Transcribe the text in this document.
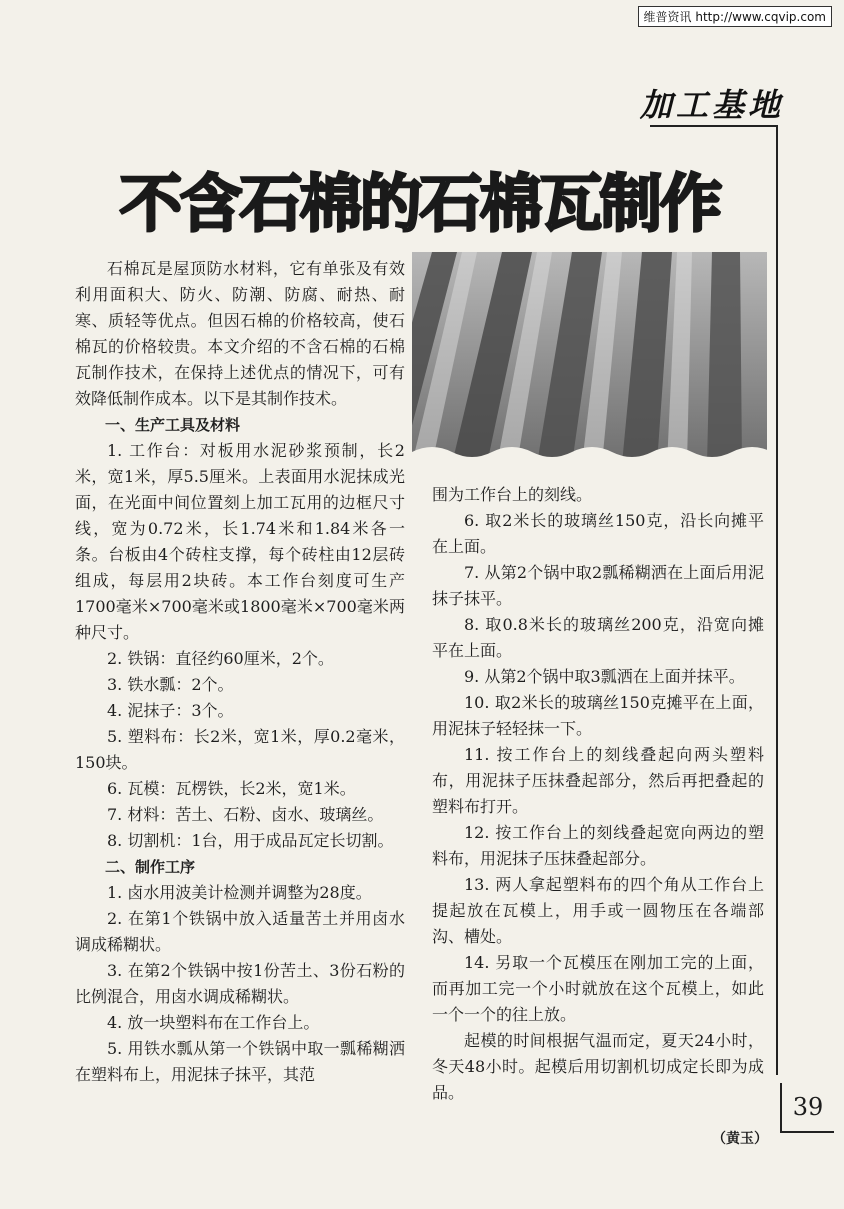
维普资讯 http://www.cqvip.com
加工基地
不含石棉的石棉瓦制作

石棉瓦是屋顶防水材料，它有单张及有效利用面积大、防火、防潮、防腐、耐热、耐寒、质轻等优点。但因石棉的价格较高，使石棉瓦的价格较贵。本文介绍的不含石棉的石棉瓦制作技术，在保持上述优点的情况下，可有效降低制作成本。以下是其制作技术。

一、生产工具及材料

1. 工作台：对板用水泥砂浆预制，长2米，宽1米，厚5.5厘米。上表面用水泥抹成光面，在光面中间位置刻上加工瓦用的边框尺寸线，宽为0.72米，长1.74米和1.84米各一条。台板由4个砖柱支撑，每个砖柱由12层砖组成，每层用2块砖。本工作台刻度可生产1700毫米×700毫米或1800毫米×700毫米两种尺寸。

2. 铁锅：直径约60厘米，2个。

3. 铁水瓢：2个。

4. 泥抹子：3个。

5. 塑料布：长2米，宽1米，厚0.2毫米，150块。

6. 瓦模：瓦楞铁，长2米，宽1米。

7. 材料：苦土、石粉、卤水、玻璃丝。

8. 切割机：1台，用于成品瓦定长切割。

二、制作工序

1. 卤水用波美计检测并调整为28度。

2. 在第1个铁锅中放入适量苦土并用卤水调成稀糊状。

3. 在第2个铁锅中按1份苦土、3份石粉的比例混合，用卤水调成稀糊状。

4. 放一块塑料布在工作台上。

5. 用铁水瓢从第一个铁锅中取一瓢稀糊洒在塑料布上，用泥抹子抹平，其范

围为工作台上的刻线。

6. 取2米长的玻璃丝150克，沿长向摊平在上面。

7. 从第2个锅中取2瓢稀糊洒在上面后用泥抹子抹平。

8. 取0.8米长的玻璃丝200克，沿宽向摊平在上面。

9. 从第2个锅中取3瓢洒在上面并抹平。

10. 取2米长的玻璃丝150克摊平在上面，用泥抹子轻轻抹一下。

11. 按工作台上的刻线叠起向两头塑料布，用泥抹子压抹叠起部分，然后再把叠起的塑料布打开。

12. 按工作台上的刻线叠起宽向两边的塑料布，用泥抹子压抹叠起部分。

13. 两人拿起塑料布的四个角从工作台上提起放在瓦模上，用手或一圆物压在各端部沟、槽处。

14. 另取一个瓦模压在刚加工完的上面，而再加工完一个小时就放在这个瓦模上，如此一个一个的往上放。

起模的时间根据气温而定，夏天24小时，冬天48小时。起模后用切割机切成定长即为成品。

（黄玉）
39
